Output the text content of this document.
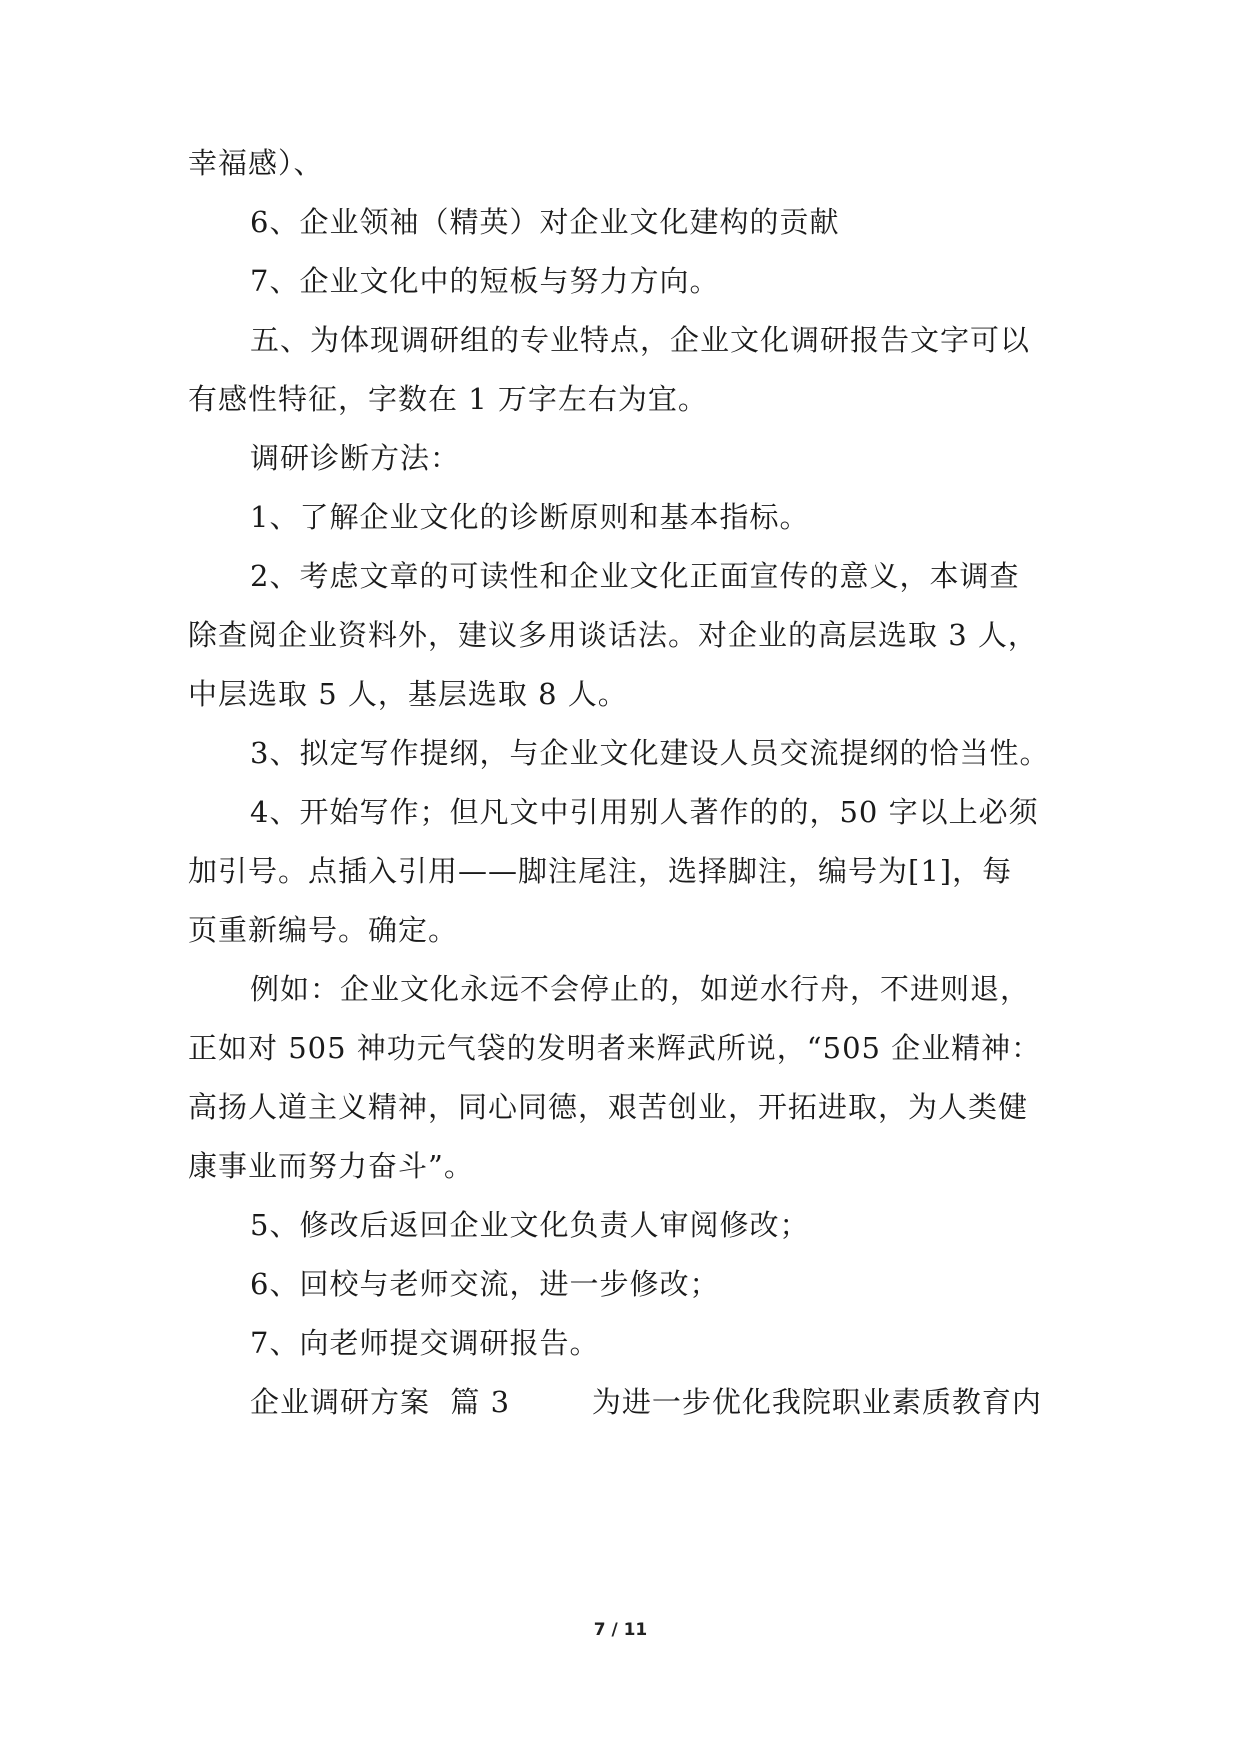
幸福感）、
6、企业领袖（精英）对企业文化建构的贡献
7、企业文化中的短板与努力方向。
五、为体现调研组的专业特点，企业文化调研报告文字可以
有感性特征，字数在 1 万字左右为宜。
调研诊断方法：
1、了解企业文化的诊断原则和基本指标。
2、考虑文章的可读性和企业文化正面宣传的意义，本调查
除查阅企业资料外，建议多用谈话法。对企业的高层选取 3 人，
中层选取 5 人，基层选取 8 人。
3、拟定写作提纲，与企业文化建设人员交流提纲的恰当性。
4、开始写作；但凡文中引用别人著作的的，50 字以上必须
加引号。点插入引用——脚注尾注，选择脚注，编号为[1]，每
页重新编号。确定。
例如：企业文化永远不会停止的，如逆水行舟，不进则退，
正如对 505 神功元气袋的发明者来辉武所说，“505 企业精神：
高扬人道主义精神，同心同德，艰苦创业，开拓进取，为人类健
康事业而努力奋斗”。
5、修改后返回企业文化负责人审阅修改；
6、回校与老师交流，进一步修改；
7、向老师提交调研报告。
企业调研方案  篇 3        为进一步优化我院职业素质教育内
7 / 11
